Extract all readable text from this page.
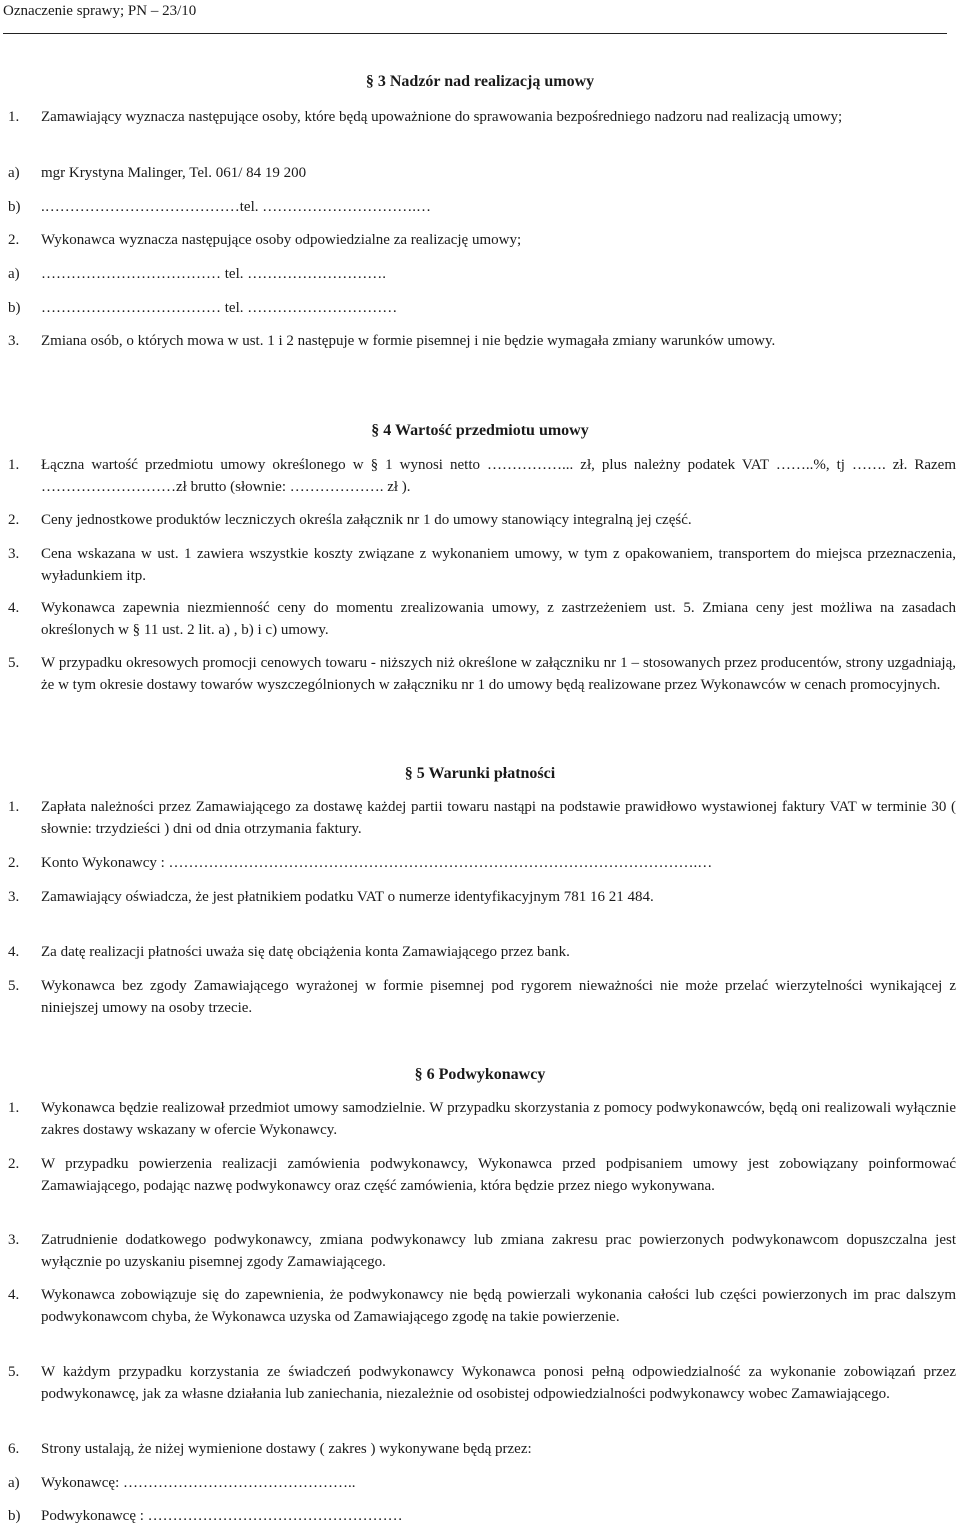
Oznaczenie sprawy; PN – 23/10
§ 3 Nadzór nad realizacją umowy
1. Zamawiający wyznacza następujące osoby, które będą upoważnione do sprawowania bezpośredniego nadzoru nad realizacją umowy;
a) mgr Krystyna Malinger, Tel. 061/ 84 19 200
b) .…………………………………tel. ………………………….…
2. Wykonawca wyznacza następujące osoby odpowiedzialne za realizację umowy;
a) ……………………………… tel. ……………………….
b) ……………………………… tel. …………………………
3. Zmiana osób, o których mowa w ust. 1 i 2 następuje w formie pisemnej i nie będzie wymagała zmiany warunków umowy.
§ 4 Wartość przedmiotu umowy
1. Łączna wartość przedmiotu umowy określonego w § 1 wynosi netto ……………... zł, plus należny podatek VAT ……..%, tj ……. zł. Razem ………………………zł brutto (słownie: ………………. zł ).
2. Ceny jednostkowe produktów leczniczych określa załącznik nr 1 do umowy stanowiący integralną jej część.
3. Cena wskazana w ust. 1 zawiera wszystkie koszty związane z wykonaniem umowy, w tym z opakowaniem, transportem do miejsca przeznaczenia, wyładunkiem itp.
4. Wykonawca zapewnia niezmienność ceny do momentu zrealizowania umowy, z zastrzeżeniem ust. 5. Zmiana ceny jest możliwa na zasadach określonych w § 11 ust. 2 lit. a) , b) i c) umowy.
5. W przypadku okresowych promocji cenowych towaru - niższych niż określone w załączniku nr 1 – stosowanych przez producentów, strony uzgadniają, że w tym okresie dostawy towarów wyszczególnionych w załączniku nr 1 do umowy będą realizowane przez Wykonawców w cenach promocyjnych.
§ 5 Warunki płatności
1. Zapłata należności przez Zamawiającego za dostawę każdej partii towaru nastąpi na podstawie prawidłowo wystawionej faktury VAT w terminie 30 ( słownie: trzydzieści ) dni od dnia otrzymania faktury.
2. Konto Wykonawcy : …………………………………………………………………………………………….…
3. Zamawiający oświadcza, że jest płatnikiem podatku VAT o numerze identyfikacyjnym 781 16 21 484.
4. Za datę realizacji płatności uważa się datę obciążenia konta Zamawiającego przez bank.
5. Wykonawca bez zgody Zamawiającego wyrażonej w formie pisemnej pod rygorem nieważności nie może przelać wierzytelności wynikającej z niniejszej umowy na osoby trzecie.
§ 6 Podwykonawcy
1. Wykonawca będzie realizował przedmiot umowy samodzielnie. W przypadku skorzystania z pomocy podwykonawców, będą oni realizowali wyłącznie zakres dostawy wskazany w ofercie Wykonawcy.
2. W przypadku powierzenia realizacji zamówienia podwykonawcy, Wykonawca przed podpisaniem umowy jest zobowiązany poinformować Zamawiającego, podając nazwę podwykonawcy oraz część zamówienia, która będzie przez niego wykonywana.
3. Zatrudnienie dodatkowego podwykonawcy, zmiana podwykonawcy lub zmiana zakresu prac powierzonych podwykonawcom dopuszczalna jest wyłącznie po uzyskaniu pisemnej zgody Zamawiającego.
4. Wykonawca zobowiązuje się do zapewnienia, że podwykonawcy nie będą powierzali wykonania całości lub części powierzonych im prac dalszym podwykonawcom chyba, że Wykonawca uzyska od Zamawiającego zgodę na takie powierzenie.
5. W każdym przypadku korzystania ze świadczeń podwykonawcy Wykonawca ponosi pełną odpowiedzialność za wykonanie zobowiązań przez podwykonawcę, jak za własne działania lub zaniechania, niezależnie od osobistej odpowiedzialności podwykonawcy wobec Zamawiającego.
6. Strony ustalają, że niżej wymienione dostawy ( zakres ) wykonywane będą przez:
a) Wykonawcę: ………………………………………..
b) Podwykonawcę : ……………………………………………
